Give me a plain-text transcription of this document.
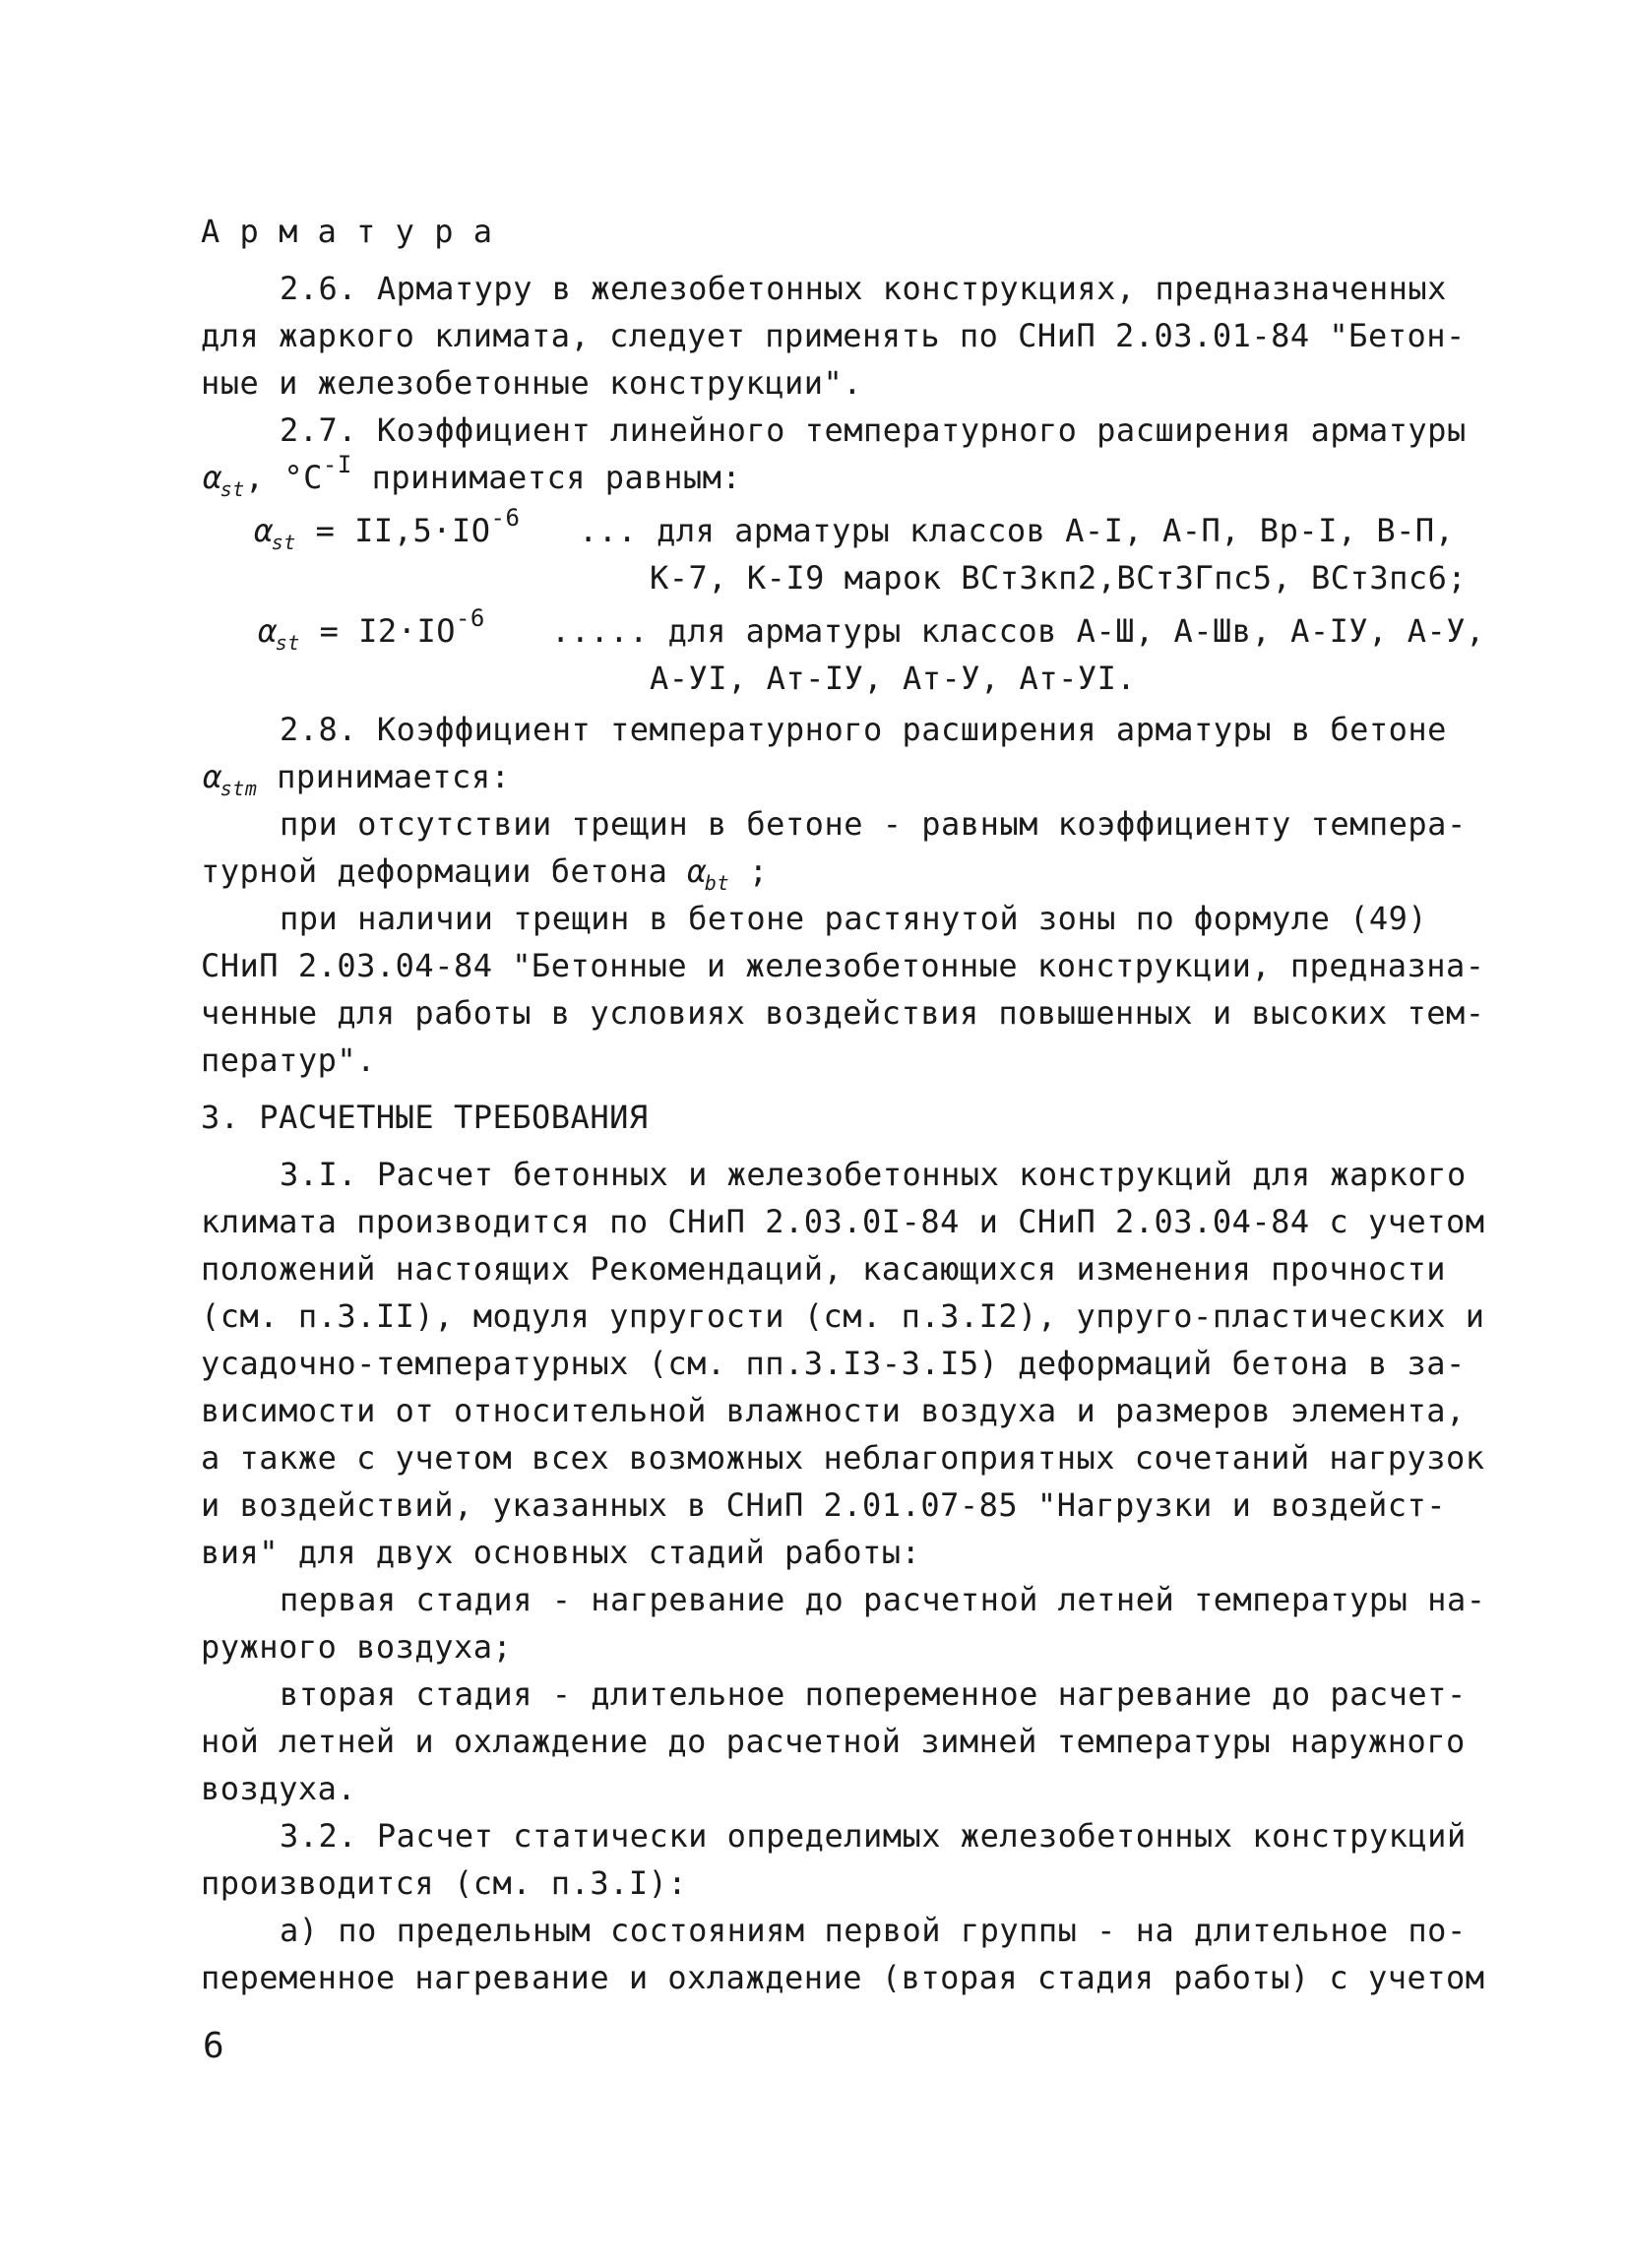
А р м а т у р а
2.6. Арматуру в железобетонных конструкциях, предназначенных
для жаркого климата, следует применять по СНиП 2.03.01-84 "Бетон-
ные и железобетонные конструкции".
2.7. Коэффициент линейного температурного расширения арматуры
$\alpha_{st}$, $^\circ C^{-I}$ принимается равным:
$\alpha_{st} = II,5\cdot IO^{-6}$ ... для арматуры классов А-I, А-П, Вр-I, В-П,
К-7, К-I9 марок ВСт3кп2,ВСт3Гпс5, ВСт3пс6;
$\alpha_{st} = I2\cdot IO^{-6}$ ..... для арматуры классов А-Ш, А-Шв, А-IУ, А-У,
А-УI, Ат-IУ, Ат-У, Ат-УI.
2.8. Коэффициент температурного расширения арматуры в бетоне
$\alpha_{stm}$ принимается:
при отсутствии трещин в бетоне - равным коэффициенту темпера-
турной деформации бетона $\alpha_{bt}$ ;
при наличии трещин в бетоне растянутой зоны по формуле (49)
СНиП 2.03.04-84 "Бетонные и железобетонные конструкции, предназна-
ченные для работы в условиях воздействия повышенных и высоких тем-
ператур".
3. РАСЧЕТНЫЕ ТРЕБОВАНИЯ
3.I. Расчет бетонных и железобетонных конструкций для жаркого
климата производится по СНиП 2.03.0I-84 и СНиП 2.03.04-84 с учетом
положений настоящих Рекомендаций, касающихся изменения прочности
(см. п.3.II), модуля упругости (см. п.3.I2), упруго-пластических и
усадочно-температурных (см. пп.3.I3-3.I5) деформаций бетона в за-
висимости от относительной влажности воздуха и размеров элемента,
а также с учетом всех возможных неблагоприятных сочетаний нагрузок
и воздействий, указанных в СНиП 2.01.07-85 "Нагрузки и воздейст-
вия" для двух основных стадий работы:
первая стадия - нагревание до расчетной летней температуры на-
ружного воздуха;
вторая стадия - длительное попеременное нагревание до расчет-
ной летней и охлаждение до расчетной зимней температуры наружного
воздуха.
3.2. Расчет статически определимых железобетонных конструкций
производится (см. п.3.I):
а) по предельным состояниям первой группы - на длительное по-
переменное нагревание и охлаждение (вторая стадия работы) с учетом
6
